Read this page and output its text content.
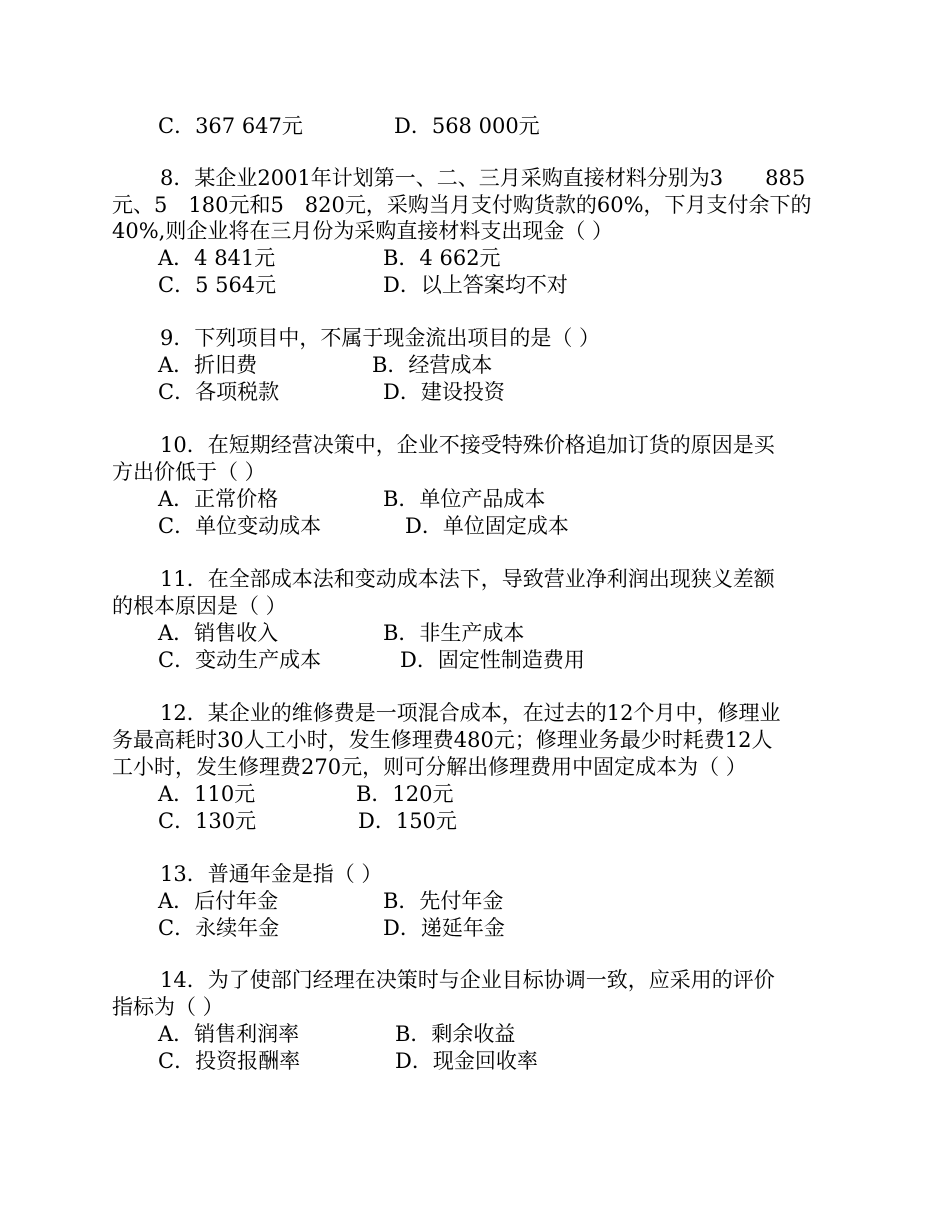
C．367 647元	D．568 000元
8．某企业2001年计划第一、二、三月采购直接材料分别为3　　885
元、5　180元和5　820元，采购当月支付购货款的60%，下月支付余下的
40%,则企业将在三月份为采购直接材料支出现金（ ）
A．4 841元	B．4 662元
C．5 564元	D．以上答案均不对
9．下列项目中，不属于现金流出项目的是（ ）
A．折旧费	B．经营成本
C．各项税款	D．建设投资
10．在短期经营决策中，企业不接受特殊价格追加订货的原因是买
方出价低于（ ）
A．正常价格	B．单位产品成本
C．单位变动成本	D．单位固定成本
11．在全部成本法和变动成本法下，导致营业净利润出现狭义差额
的根本原因是（ ）
A．销售收入	B．非生产成本
C．变动生产成本	D．固定性制造费用
12．某企业的维修费是一项混合成本，在过去的12个月中，修理业
务最高耗时30人工小时，发生修理费480元；修理业务最少时耗费12人
工小时，发生修理费270元，则可分解出修理费用中固定成本为（ ）
A．110元	B．120元
C．130元	D．150元
13．普通年金是指（ ）
A．后付年金	B．先付年金
C．永续年金	D．递延年金
14．为了使部门经理在决策时与企业目标协调一致，应采用的评价
指标为（ ）
A．销售利润率	B．剩余收益
C．投资报酬率	D．现金回收率
